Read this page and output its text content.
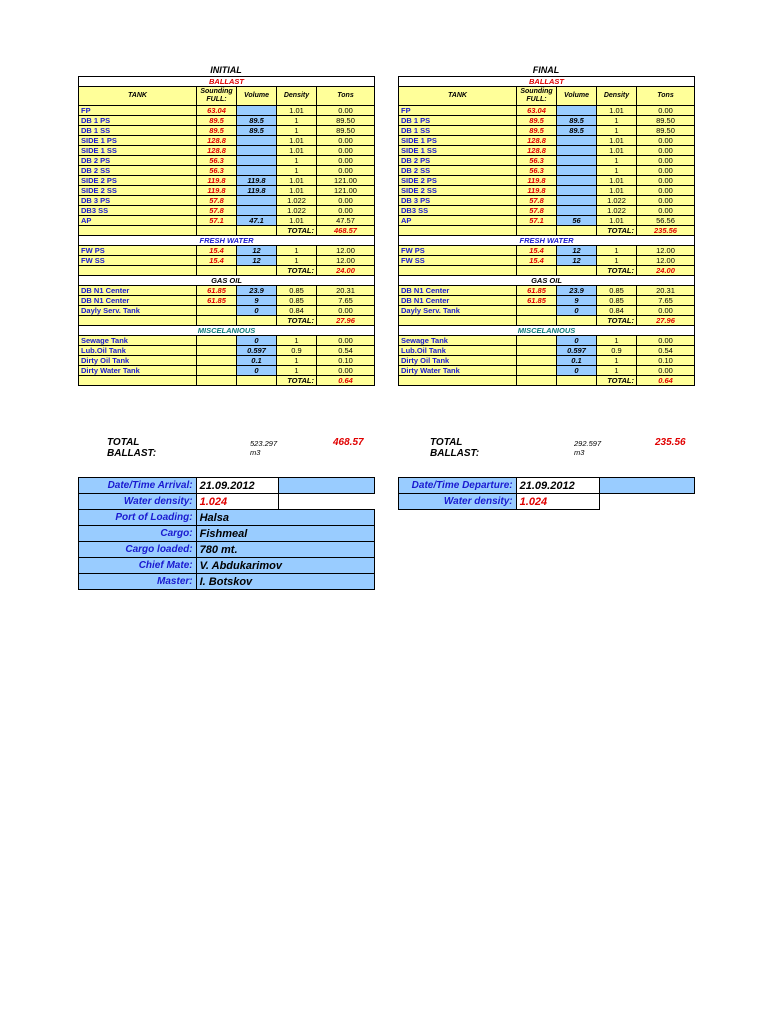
INITIAL
BALLAST				
TANK	Sounding FULL:	Volume	Density	Tons
FP	63.04		1.01	0.00
DB 1 PS	89.5	89.5	1	89.50
DB 1 SS	89.5	89.5	1	89.50
SIDE 1 PS	128.8		1.01	0.00
SIDE 1 SS	128.8		1.01	0.00
DB 2 PS	56.3		1	0.00
DB 2 SS	56.3		1	0.00
SIDE 2 PS	119.8	119.8	1.01	121.00
SIDE 2 SS	119.8	119.8	1.01	121.00
DB 3 PS	57.8		1.022	0.00
DB3 SS	57.8		1.022	0.00
AP	57.1	47.1	1.01	47.57
			TOTAL:	468.57
FRESH WATER				
FW PS	15.4	12	1	12.00
FW SS	15.4	12	1	12.00
			TOTAL:	24.00
GAS OIL				
DB N1 Center	61.85	23.9	0.85	20.31
DB N1 Center	61.85	9	0.85	7.65
Dayly Serv. Tank		0	0.84	0.00
			TOTAL:	27.96
MISCELANIOUS				
Sewage Tank		0	1	0.00
Lub.Oil Tank		0.597	0.9	0.54
Dirty Oil Tank		0.1	1	0.10
Dirty Water Tank		0	1	0.00
			TOTAL:	0.64
FINAL
BALLAST				
TANK	Sounding FULL:	Volume	Density	Tons
FP	63.04		1.01	0.00
DB 1 PS	89.5	89.5	1	89.50
DB 1 SS	89.5	89.5	1	89.50
SIDE 1 PS	128.8		1.01	0.00
SIDE 1 SS	128.8		1.01	0.00
DB 2 PS	56.3		1	0.00
DB 2 SS	56.3		1	0.00
SIDE 2 PS	119.8		1.01	0.00
SIDE 2 SS	119.8		1.01	0.00
DB 3 PS	57.8		1.022	0.00
DB3 SS	57.8		1.022	0.00
AP	57.1	56	1.01	56.56
			TOTAL:	235.56
FRESH WATER				
FW PS	15.4	12	1	12.00
FW SS	15.4	12	1	12.00
			TOTAL:	24.00
GAS OIL				
DB N1 Center	61.85	23.9	0.85	20.31
DB N1 Center	61.85	9	0.85	7.65
Dayly Serv. Tank		0	0.84	0.00
			TOTAL:	27.96
MISCELANIOUS				
Sewage Tank		0	1	0.00
Lub.Oil Tank		0.597	0.9	0.54
Dirty Oil Tank		0.1	1	0.10
Dirty Water Tank		0	1	0.00
			TOTAL:	0.64
TOTAL BALLAST:
523.297 m3
468.57	TOTAL BALLAST:
292.597 m3
235.56
Date/Time Arrival:	21.09.2012	
Water density:	1.024	
Port of Loading:	Halsa	
Cargo:	Fishmeal	
Cargo loaded:	780 mt.	
Chief Mate:	V. Abdukarimov	
Master:	I. Botskov	
Date/Time Departure:	21.09.2012	
Water density:	1.024	
